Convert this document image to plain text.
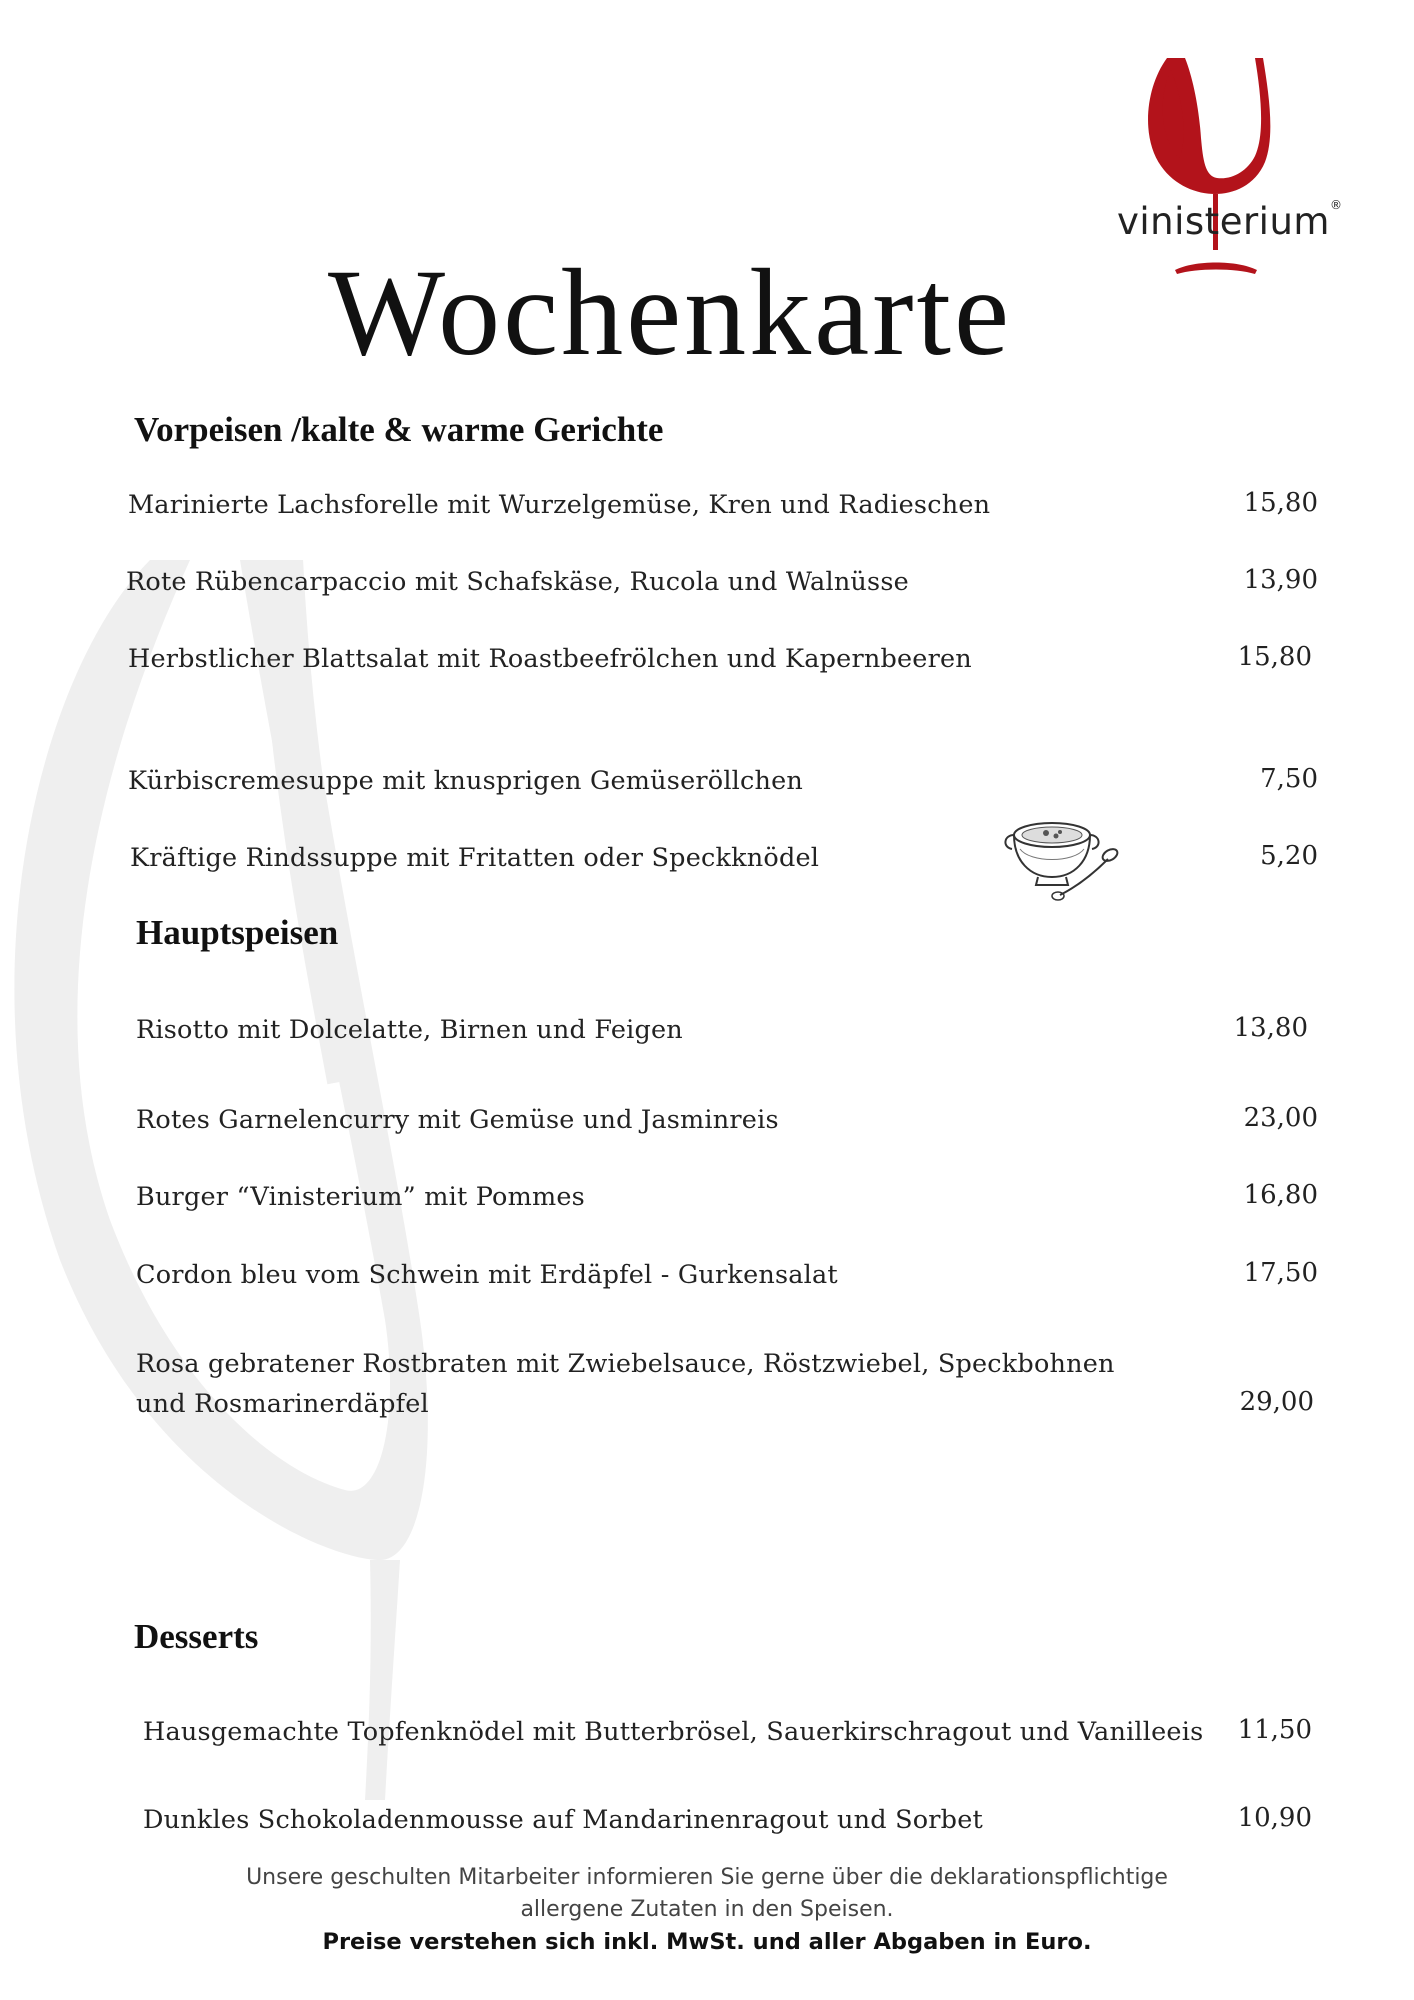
vinisterium®
Wochenkarte
Vorpeisen /kalte & warme Gerichte
Marinierte Lachsforelle mit Wurzelgemüse, Kren und Radieschen	15,80
Rote Rübencarpaccio mit Schafskäse, Rucola und Walnüsse	13,90
Herbstlicher Blattsalat mit Roastbeefrölchen und Kapernbeeren	15,80
Kürbiscremesuppe mit knusprigen Gemüseröllchen	7,50
Kräftige Rindssuppe mit Fritatten oder Speckknödel	5,20
Hauptspeisen
Risotto mit Dolcelatte, Birnen und Feigen	13,80
Rotes Garnelencurry mit Gemüse und Jasminreis	23,00
Burger “Vinisterium” mit Pommes	16,80
Cordon bleu vom Schwein mit Erdäpfel - Gurkensalat	17,50
Rosa gebratener Rostbraten mit Zwiebelsauce, Röstzwiebel, Speckbohnen
und Rosmarinerdäpfel	29,00
Desserts
Hausgemachte Topfenknödel mit Butterbrösel, Sauerkirschragout und Vanilleeis	11,50
Dunkles Schokoladenmousse auf Mandarinenragout und Sorbet	10,90
Unsere geschulten Mitarbeiter informieren Sie gerne über die deklarationspflichtige
allergene Zutaten in den Speisen.
Preise verstehen sich inkl. MwSt. und aller Abgaben in Euro.
